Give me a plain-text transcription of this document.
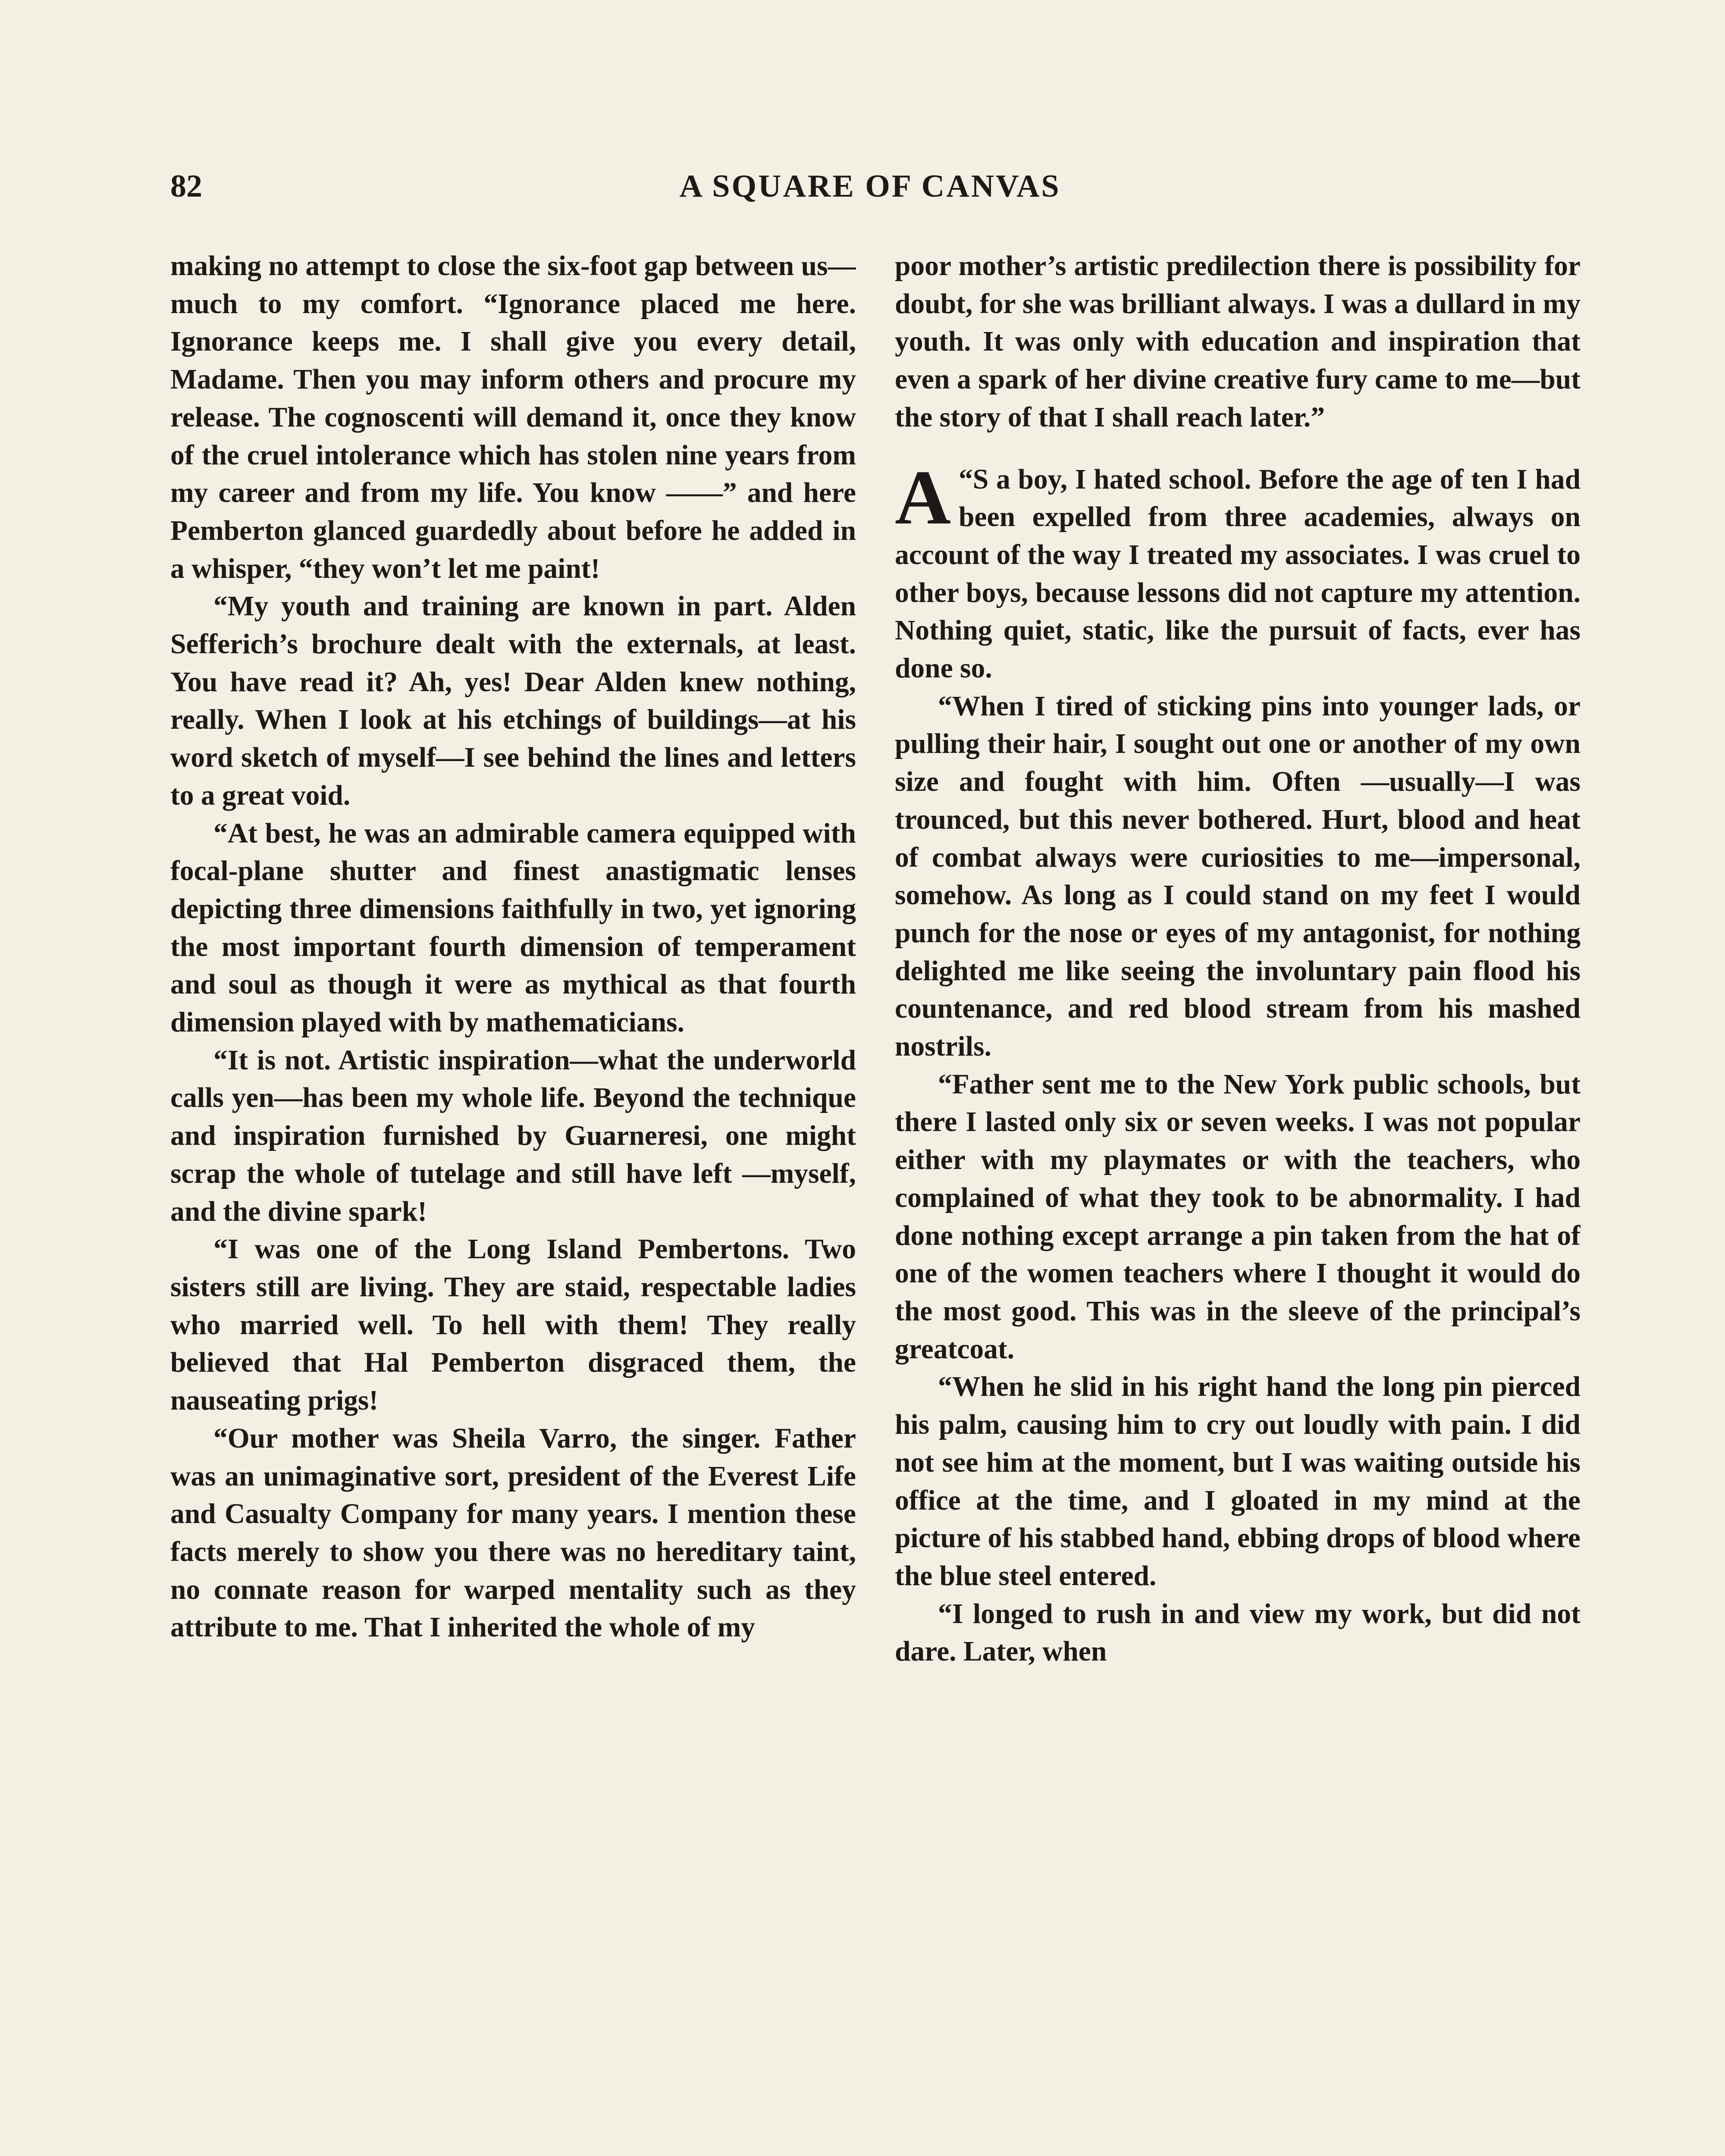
82	A SQUARE OF CANVAS

making no attempt to close the six-foot gap between us—much to my comfort. “Ignorance placed me here. Ignorance keeps me. I shall give you every detail, Madame. Then you may inform others and procure my release. The cognoscenti will demand it, once they know of the cruel intolerance which has stolen nine years from my career and from my life. You know ——” and here Pemberton glanced guardedly about before he added in a whisper, “they won’t let me paint!

“My youth and training are known in part. Alden Sefferich’s brochure dealt with the externals, at least. You have read it? Ah, yes! Dear Alden knew nothing, really. When I look at his etchings of buildings—at his word sketch of myself—I see behind the lines and letters to a great void.

“At best, he was an admirable camera equipped with focal-plane shutter and finest anastigmatic lenses depicting three dimensions faithfully in two, yet ignoring the most important fourth dimension of temperament and soul as though it were as mythical as that fourth dimension played with by mathematicians.

“It is not. Artistic inspiration—what the underworld calls yen—has been my whole life. Beyond the technique and inspiration furnished by Guarneresi, one might scrap the whole of tutelage and still have left —myself, and the divine spark!

“I was one of the Long Island Pembertons. Two sisters still are living. They are staid, respectable ladies who married well. To hell with them! They really believed that Hal Pemberton disgraced them, the nauseating prigs!

“Our mother was Sheila Varro, the singer. Father was an unimaginative sort, president of the Everest Life and Casualty Company for many years. I mention these facts merely to show you there was no hereditary taint, no connate reason for warped mentality such as they attribute to me. That I inherited the whole of my

poor mother’s artistic predilection there is possibility for doubt, for she was brilliant always. I was a dullard in my youth. It was only with education and inspiration that even a spark of her divine creative fury came to me—but the story of that I shall reach later.”

“
A S a boy, I hated school. Before the age of ten I had been expelled from three academies, always on account of the way I treated my associates. I was cruel to other boys, because lessons did not capture my attention. Nothing quiet, static, like the pursuit of facts, ever has done so.

“When I tired of sticking pins into younger lads, or pulling their hair, I sought out one or another of my own size and fought with him. Often —usually—I was trounced, but this never bothered. Hurt, blood and heat of combat always were curiosities to me—impersonal, somehow. As long as I could stand on my feet I would punch for the nose or eyes of my antagonist, for nothing delighted me like seeing the involuntary pain flood his countenance, and red blood stream from his mashed nostrils.

“Father sent me to the New York public schools, but there I lasted only six or seven weeks. I was not popular either with my playmates or with the teachers, who complained of what they took to be abnormality. I had done nothing except arrange a pin taken from the hat of one of the women teachers where I thought it would do the most good. This was in the sleeve of the principal’s greatcoat.

“When he slid in his right hand the long pin pierced his palm, causing him to cry out loudly with pain. I did not see him at the moment, but I was waiting outside his office at the time, and I gloated in my mind at the picture of his stabbed hand, ebbing drops of blood where the blue steel entered.

“I longed to rush in and view my work, but did not dare. Later, when
